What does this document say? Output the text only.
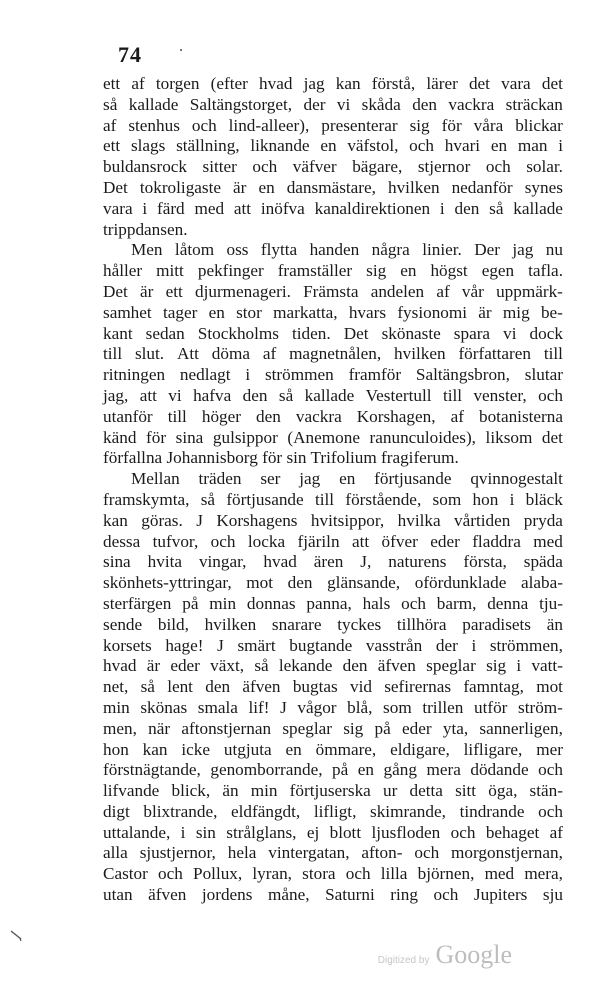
74
ett af torgen (efter hvad jag kan förstå, lärer det vara det
så kallade Saltängstorget, der vi skåda den vackra sträckan
af stenhus och lind-alleer), presenterar sig för våra blickar
ett slags ställning, liknande en väfstol, och hvari en man i
buldansrock sitter och väfver bägare, stjernor och solar.
Det tokroligaste är en dansmästare, hvilken nedanför synes
vara i färd med att inöfva kanaldirektionen i den så kallade
trippdansen.
Men låtom oss flytta handen några linier. Der jag nu
håller mitt pekfinger framställer sig en högst egen tafla.
Det är ett djurmenageri. Främsta andelen af vår uppmärk-
samhet tager en stor markatta, hvars fysionomi är mig be-
kant sedan Stockholms tiden. Det skönaste spara vi dock
till slut. Att döma af magnetnålen, hvilken författaren till
ritningen nedlagt i strömmen framför Saltängsbron, slutar
jag, att vi hafva den så kallade Vestertull till venster, och
utanför till höger den vackra Korshagen, af botanisterna
känd för sina gulsippor (Anemone ranunculoides), liksom det
förfallna Johannisborg för sin Trifolium fragiferum.
Mellan träden ser jag en förtjusande qvinnogestalt
framskymta, så förtjusande till förstående, som hon i bläck
kan göras. J Korshagens hvitsippor, hvilka vårtiden pryda
dessa tufvor, och locka fjäriln att öfver eder fladdra med
sina hvita vingar, hvad ären J, naturens första, späda
skönhets-yttringar, mot den glänsande, ofördunklade alaba-
sterfärgen på min donnas panna, hals och barm, denna tju-
sende bild, hvilken snarare tyckes tillhöra paradisets än
korsets hage! J smärt bugtande vasstrån der i strömmen,
hvad är eder växt, så lekande den äfven speglar sig i vatt-
net, så lent den äfven bugtas vid sefirernas famntag, mot
min skönas smala lif! J vågor blå, som trillen utför ström-
men, när aftonstjernan speglar sig på eder yta, sannerligen,
hon kan icke utgjuta en ömmare, eldigare, lifligare, mer
förstnägtande, genomborrande, på en gång mera dödande och
lifvande blick, än min förtjuserska ur detta sitt öga, stän-
digt blixtrande, eldfängdt, lifligt, skimrande, tindrande och
uttalande, i sin strålglans, ej blott ljusfloden och behaget af
alla sjustjernor, hela vintergatan, afton- och morgonstjernan,
Castor och Pollux, lyran, stora och lilla björnen, med mera,
utan äfven jordens måne, Saturni ring och Jupiters sju
Digitized by Google
